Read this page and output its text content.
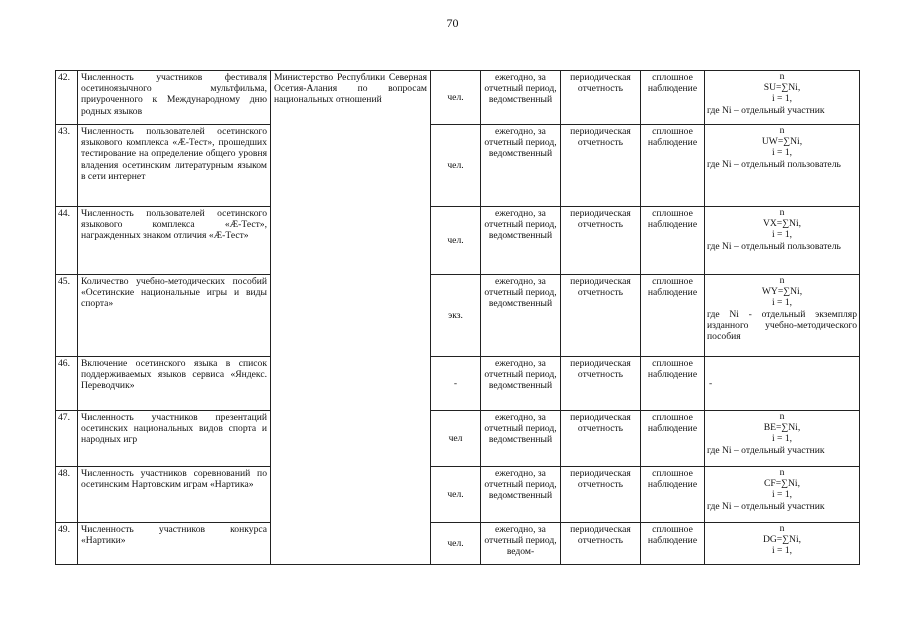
70
42.	Численность участников фестиваля осетиноязычного мультфильма, приуроченного к Международному дню родных языков	Министерство Республики Северная Осетия-Алания по вопросам национальных отношений	чел.	ежегодно, за отчетный период, ведомственный	периодическая отчетность	сплошное наблюдение	n
SU=∑Ni,
i = 1,
где Ni – отдельный участник

43.	Численность пользователей осетинского языкового комплекса «Æ-Тест», прошедших тестирование на определение общего уровня владения осетинским литературным языком в сети интернет		чел.	ежегодно, за отчетный период, ведомственный	периодическая отчетность	сплошное наблюдение	n
UW=∑Ni,
i = 1,
где Ni – отдельный пользователь

44.	Численность пользователей осетинского языкового комплекса «Æ-Тест», награжденных знаком отличия «Æ-Тест»		чел.	ежегодно, за отчетный период, ведомственный	периодическая отчетность	сплошное наблюдение	n
VX=∑Ni,
i = 1,
где Ni – отдельный пользователь

45.	Количество учебно-методических пособий «Осетинские национальные игры и виды спорта»		экз.	ежегодно, за отчетный период, ведомственный	периодическая отчетность	сплошное наблюдение	n
WY=∑Ni,
i = 1,
где Ni - отдельный экземпляр изданного учебно-методического пособия

46.	Включение осетинского языка в список поддерживаемых языков сервиса «Яндекс. Переводчик»		-	ежегодно, за отчетный период, ведомственный	периодическая отчетность	сплошное наблюдение	-
47.	Численность участников презентаций осетинских национальных видов спорта и народных игр		чел	ежегодно, за отчетный период, ведомственный	периодическая отчетность	сплошное наблюдение	n
BE=∑Ni,
i = 1,
где Ni – отдельный участник

48.	Численность участников соревнований по осетинским Нартовским играм «Нартика»		чел.	ежегодно, за отчетный период, ведомственный	периодическая отчетность	сплошное наблюдение	n
CF=∑Ni,
i = 1,
где Ni – отдельный участник

49.	Численность участников конкурса «Нартики»		чел.	ежегодно, за отчетный период, ведом-	периодическая отчетность	сплошное наблюдение	n
DG=∑Ni,
i = 1,
